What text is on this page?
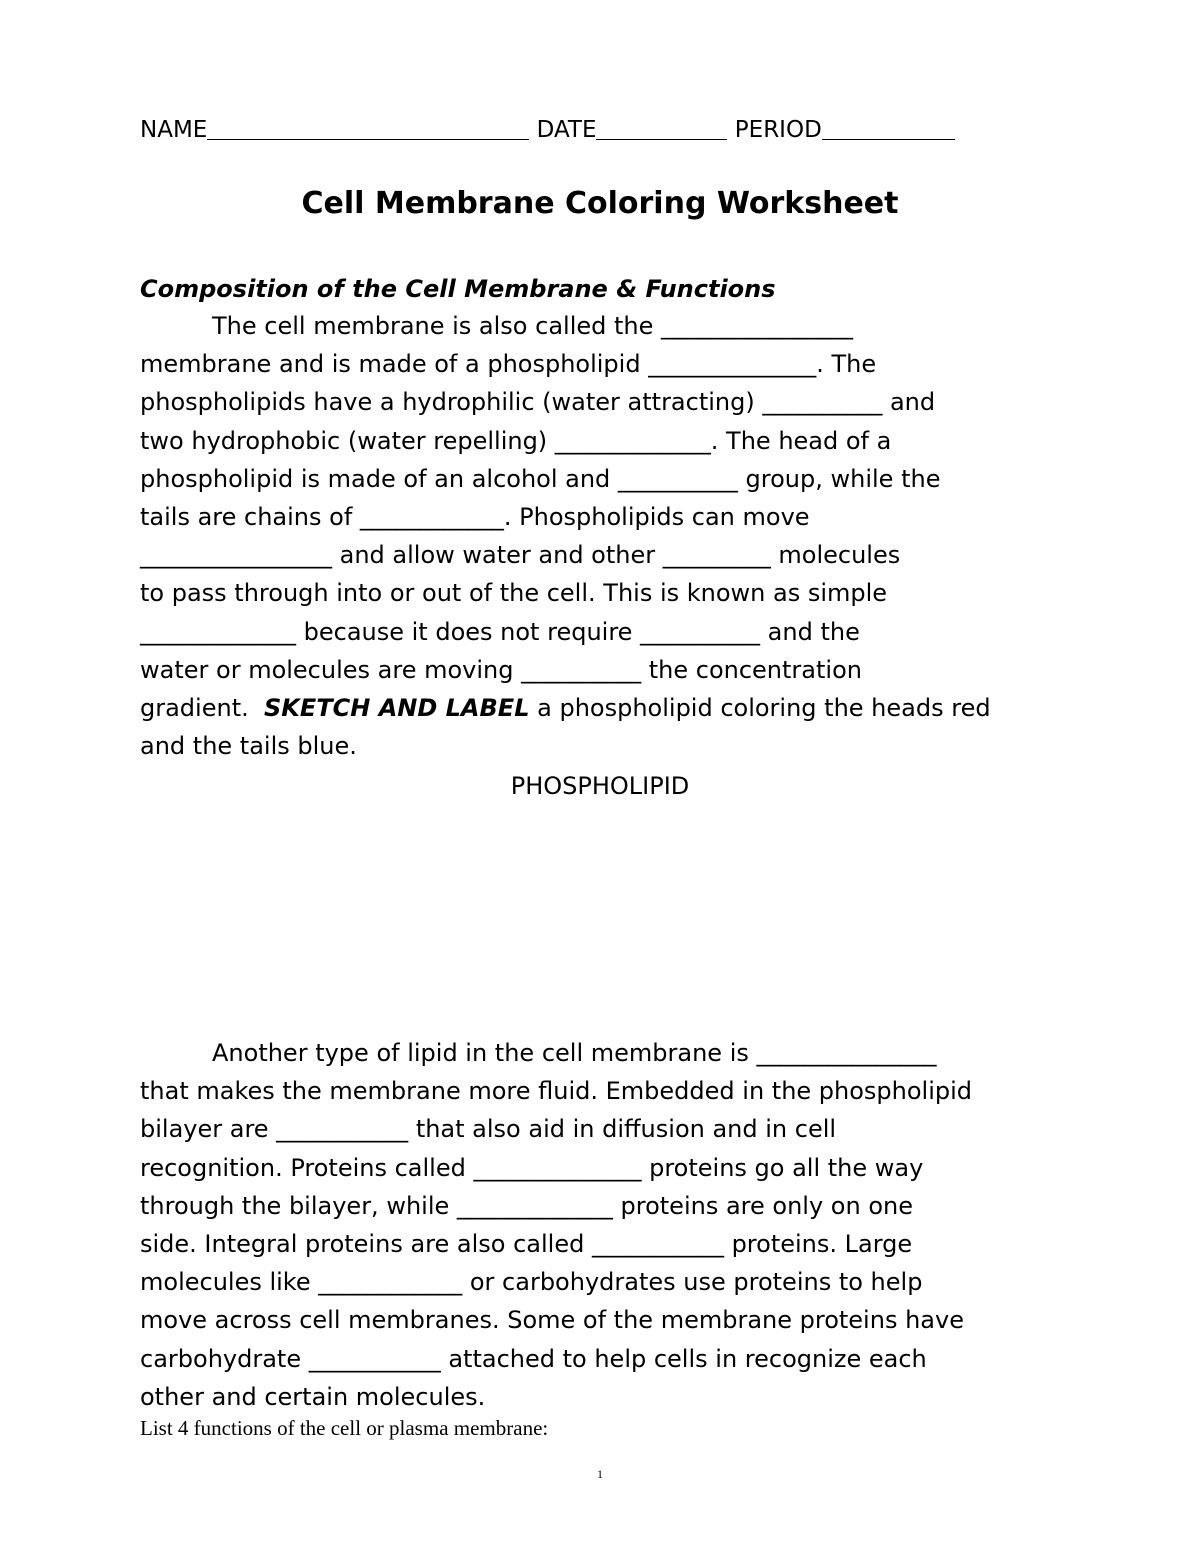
NAME	DATE	PERIOD
Cell Membrane Coloring Worksheet
Composition of the Cell Membrane & Functions
The cell membrane is also called the ________________
membrane and is made of a phospholipid ______________. The
phospholipids have a hydrophilic (water attracting) __________ and
two hydrophobic (water repelling) _____________. The head of a
phospholipid is made of an alcohol and __________ group, while the
tails are chains of ____________. Phospholipids can move
________________ and allow water and other _________ molecules
to pass through into or out of the cell. This is known as simple
_____________ because it does not require __________ and the
water or molecules are moving __________ the concentration
gradient. SKETCH AND LABEL a phospholipid coloring the heads red
and the tails blue.
PHOSPHOLIPID
Another type of lipid in the cell membrane is _______________
that makes the membrane more fluid. Embedded in the phospholipid
bilayer are ___________ that also aid in diffusion and in cell
recognition. Proteins called ______________ proteins go all the way
through the bilayer, while _____________ proteins are only on one
side. Integral proteins are also called ___________ proteins. Large
molecules like ____________ or carbohydrates use proteins to help
move across cell membranes. Some of the membrane proteins have
carbohydrate ___________ attached to help cells in recognize each
other and certain molecules.
List 4 functions of the cell or plasma membrane:
1
